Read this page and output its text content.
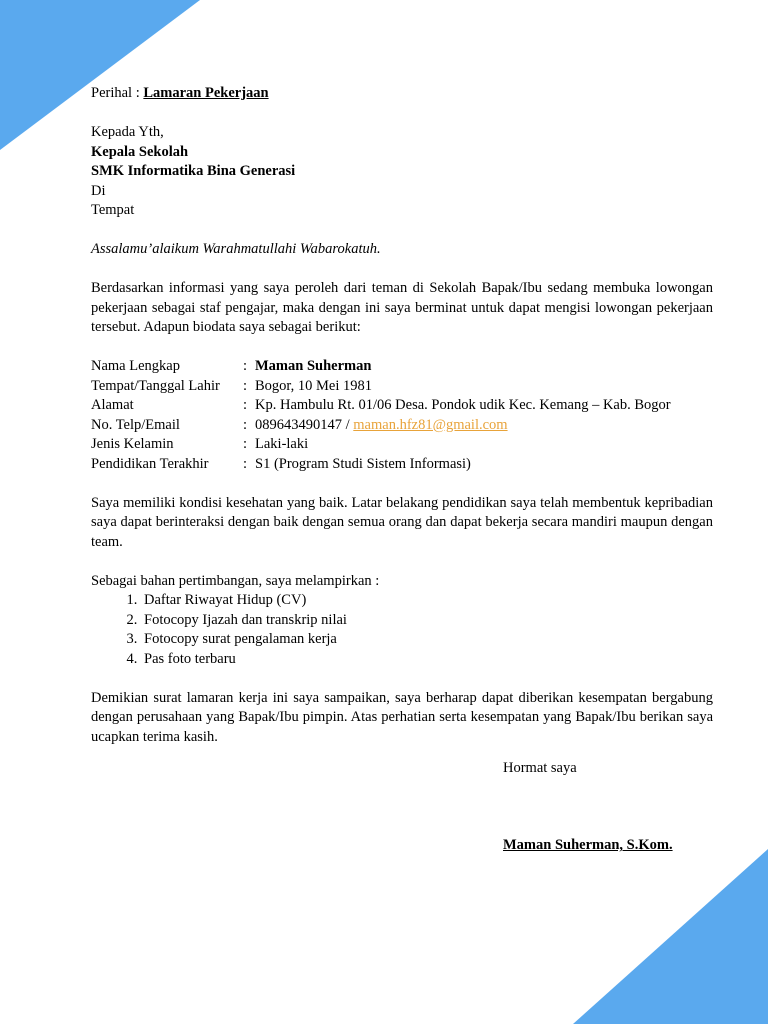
Perihal : Lamaran Pekerjaan

Kepada Yth,

Kepala Sekolah

SMK Informatika Bina Generasi

Di

Tempat

Assalamu’alaikum Warahmatullahi Wabarokatuh.

Berdasarkan informasi yang saya peroleh dari teman di Sekolah Bapak/Ibu sedang membuka lowongan pekerjaan sebagai staf pengajar, maka dengan ini saya berminat untuk dapat mengisi lowongan pekerjaan tersebut. Adapun biodata saya sebagai berikut:

Nama Lengkap	:	Maman Suherman
Tempat/Tanggal Lahir	:	Bogor, 10 Mei 1981
Alamat	:	Kp. Hambulu Rt. 01/06 Desa. Pondok udik Kec. Kemang – Kab. Bogor
No. Telp/Email	:	089643490147 / maman.hfz81@gmail.com
Jenis Kelamin	:	Laki-laki
Pendidikan Terakhir	:	S1 (Program Studi Sistem Informasi)

Saya memiliki kondisi kesehatan yang baik. Latar belakang pendidikan saya telah membentuk kepribadian saya dapat berinteraksi dengan baik dengan semua orang dan dapat bekerja secara mandiri maupun dengan team.

Sebagai bahan pertimbangan, saya melampirkan :

1. Daftar Riwayat Hidup (CV)
2. Fotocopy Ijazah dan transkrip nilai
3. Fotocopy surat pengalaman kerja
4. Pas foto terbaru

Demikian surat lamaran kerja ini saya sampaikan, saya berharap dapat diberikan kesempatan bergabung dengan perusahaan yang Bapak/Ibu pimpin. Atas perhatian serta kesempatan yang Bapak/Ibu berikan saya ucapkan terima kasih.

Hormat saya

Maman Suherman, S.Kom.
